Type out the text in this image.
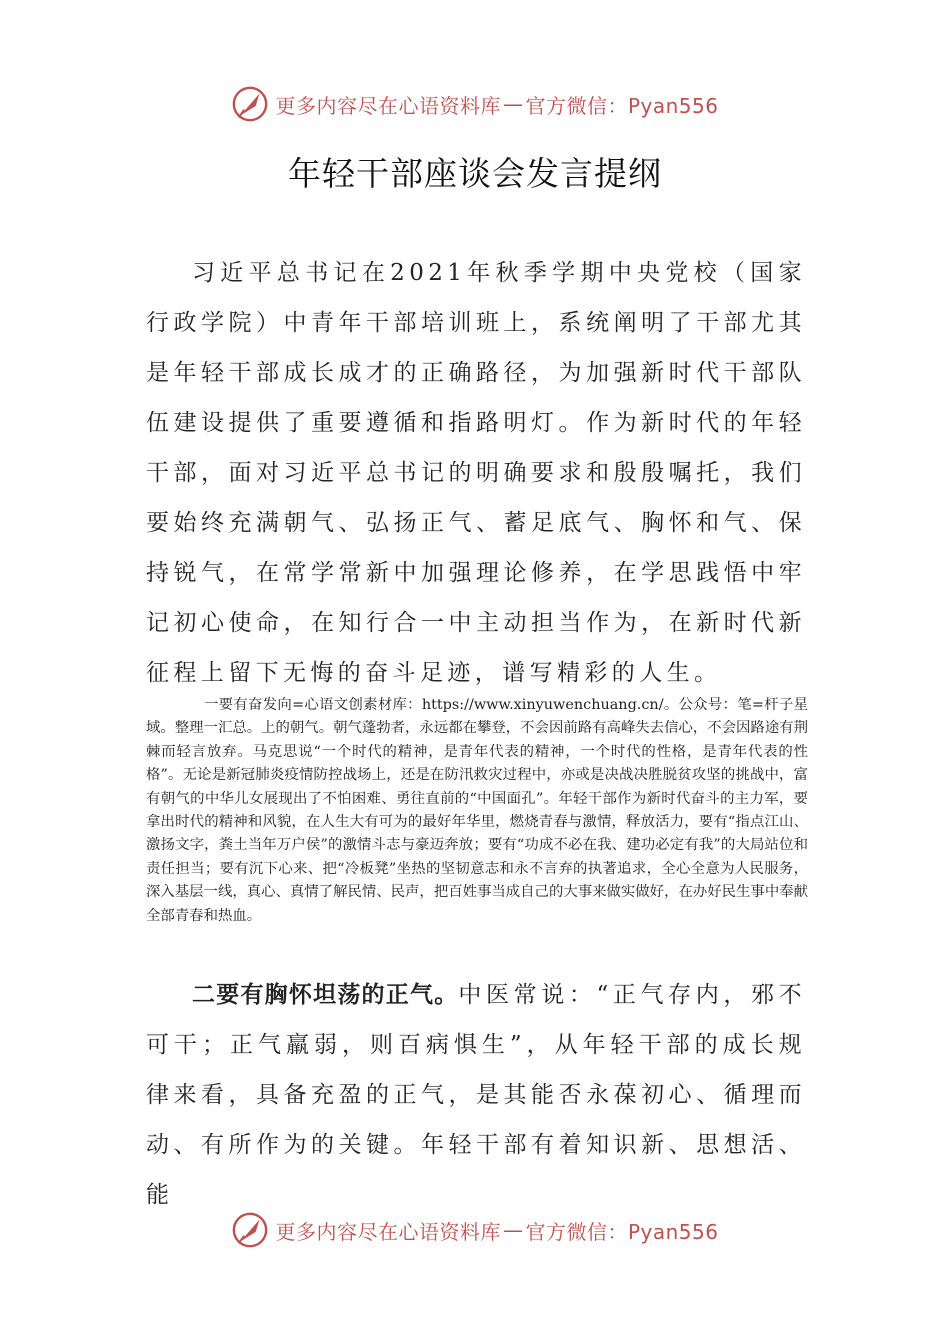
更多内容尽在心语资料库 — 官方微信：Pyan556
年轻干部座谈会发言提纲

习近平总书记在2021年秋季学期中央党校（国家行政学院）中青年干部培训班上，系统阐明了干部尤其是年轻干部成长成才的正确路径，为加强新时代干部队伍建设提供了重要遵循和指路明灯。作为新时代的年轻干部，面对习近平总书记的明确要求和殷殷嘱托，我们要始终充满朝气、弘扬正气、蓄足底气、胸怀和气、保持锐气，在常学常新中加强理论修养，在学思践悟中牢记初心使命，在知行合一中主动担当作为，在新时代新征程上留下无悔的奋斗足迹，谱写精彩的人生。

一要有奋发向=心语文创素材库：https://www.xinyuwenchuang.cn/。公众号：笔=杆子星域。整理一汇总。上的朝气。朝气蓬勃者，永远都在攀登，不会因前路有高峰失去信心，不会因路途有荆棘而轻言放弃。马克思说“一个时代的精神，是青年代表的精神，一个时代的性格，是青年代表的性格”。无论是新冠肺炎疫情防控战场上，还是在防汛救灾过程中，亦或是决战决胜脱贫攻坚的挑战中，富有朝气的中华儿女展现出了不怕困难、勇往直前的“中国面孔”。年轻干部作为新时代奋斗的主力军，要拿出时代的精神和风貌，在人生大有可为的最好年华里，燃烧青春与激情，释放活力，要有“指点江山、激扬文字，粪土当年万户侯”的激情斗志与豪迈奔放；要有“功成不必在我、建功必定有我”的大局站位和责任担当；要有沉下心来、把“冷板凳”坐热的坚韧意志和永不言弃的执著追求，全心全意为人民服务，深入基层一线，真心、真情了解民情、民声，把百姓事当成自己的大事来做实做好，在办好民生事中奉献全部青春和热血。

二要有胸怀坦荡的正气。中医常说：“正气存内，邪不可干；正气羸弱，则百病惧生”，从年轻干部的成长规律来看，具备充盈的正气，是其能否永葆初心、循理而动、有所作为的关键。年轻干部有着知识新、思想活、能

更多内容尽在心语资料库 — 官方微信：Pyan556
